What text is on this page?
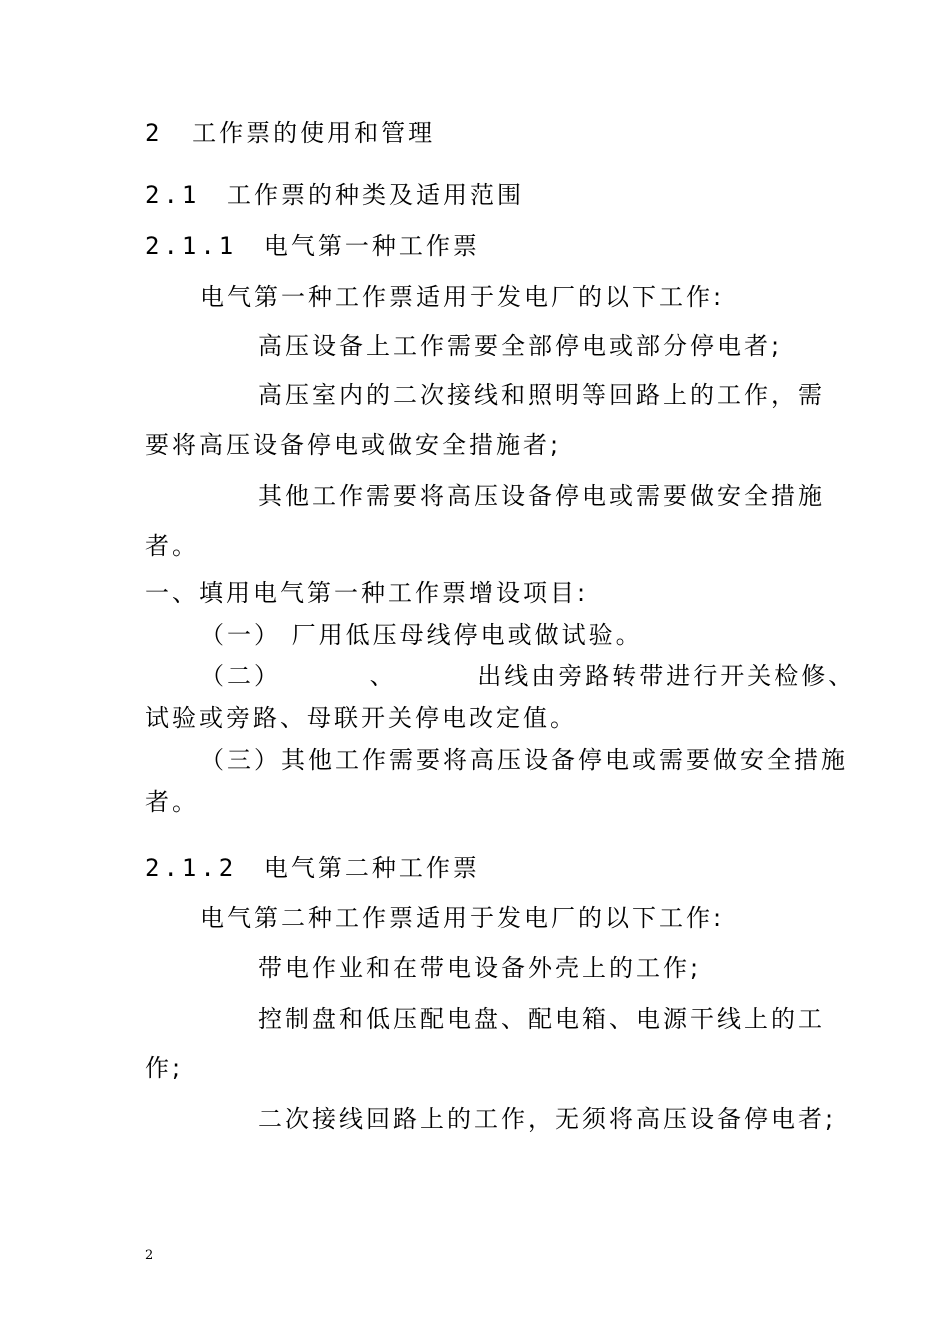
2 工作票的使用和管理
2.1 工作票的种类及适用范围
2.1.1 电气第一种工作票
电气第一种工作票适用于发电厂的以下工作:
高压设备上工作需要全部停电或部分停电者;
高压室内的二次接线和照明等回路上的工作，需
要将高压设备停电或做安全措施者;
其他工作需要将高压设备停电或需要做安全措施
者。
一、填用电气第一种工作票增设项目:
（一） 厂用低压母线停电或做试验。
（二）	、	出线由旁路转带进行开关检修、
试验或旁路、母联开关停电改定值。
（三）其他工作需要将高压设备停电或需要做安全措施
者。
2.1.2 电气第二种工作票
电气第二种工作票适用于发电厂的以下工作:
带电作业和在带电设备外壳上的工作;
控制盘和低压配电盘、配电箱、电源干线上的工
作;
二次接线回路上的工作，无须将高压设备停电者;
2
